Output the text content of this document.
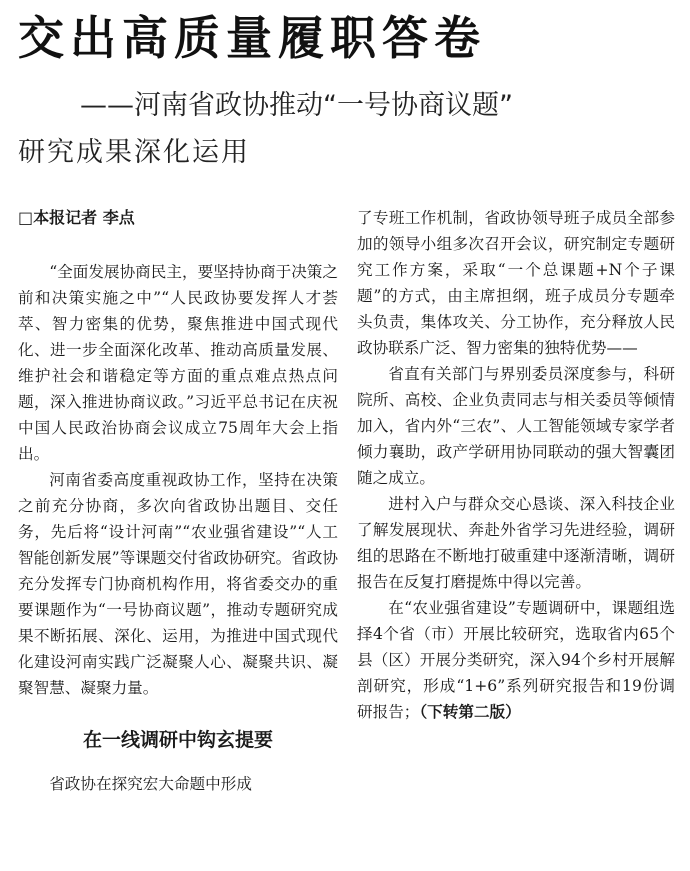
交出高质量履职答卷
——河南省政协推动“一号协商议题”
研究成果深化运用
□本报记者 李点

“全面发展协商民主，要坚持协商于决策之前和决策实施之中”“人民政协要发挥人才荟萃、智力密集的优势，聚焦推进中国式现代化、进一步全面深化改革、推动高质量发展、维护社会和谐稳定等方面的重点难点热点问题，深入推进协商议政。”习近平总书记在庆祝中国人民政治协商会议成立75周年大会上指出。

河南省委高度重视政协工作，坚持在决策之前充分协商，多次向省政协出题目、交任务，先后将“设计河南”“农业强省建设”“人工智能创新发展”等课题交付省政协研究。省政协充分发挥专门协商机构作用，将省委交办的重要课题作为“一号协商议题”，推动专题研究成果不断拓展、深化、运用，为推进中国式现代化建设河南实践广泛凝聚人心、凝聚共识、凝聚智慧、凝聚力量。

在一线调研中钩玄提要

省政协在探究宏大命题中形成

了专班工作机制，省政协领导班子成员全部参加的领导小组多次召开会议，研究制定专题研究工作方案，采取“一个总课题+N个子课题”的方式，由主席担纲，班子成员分专题牵头负责，集体攻关、分工协作，充分释放人民政协联系广泛、智力密集的独特优势——

省直有关部门与界别委员深度参与，科研院所、高校、企业负责同志与相关委员等倾情加入，省内外“三农”、人工智能领域专家学者倾力襄助，政产学研用协同联动的强大智囊团随之成立。

进村入户与群众交心恳谈、深入科技企业了解发展现状、奔赴外省学习先进经验，调研组的思路在不断地打破重建中逐渐清晰，调研报告在反复打磨提炼中得以完善。

在“农业强省建设”专题调研中，课题组选择4个省（市）开展比较研究，选取省内65个县（区）开展分类研究，深入94个乡村开展解剖研究，形成“1+6”系列研究报告和19份调研报告；（下转第二版）
